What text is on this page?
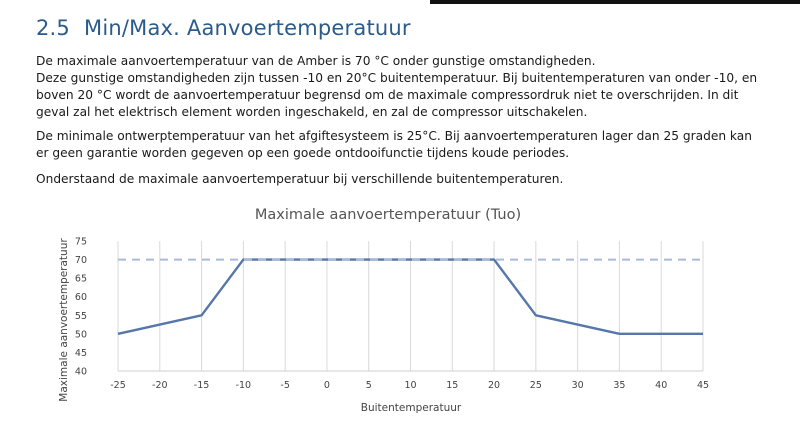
2.5 Min/Max. Aanvoertemperatuur

De maximale aanvoertemperatuur van de Amber is 70 °C onder gunstige omstandigheden.
Deze gunstige omstandigheden zijn tussen -10 en 20°C buitentemperatuur. Bij buitentemperaturen van onder -10, en boven 20 °C wordt de aanvoertemperatuur begrensd om de maximale compressordruk niet te overschrijden. In dit geval zal het elektrisch element worden ingeschakeld, en zal de compressor uitschakelen.

De minimale ontwerptemperatuur van het afgiftesysteem is 25°C. Bij aanvoertemperaturen lager dan 25 graden kan er geen garantie worden gegeven op een goede ontdooifunctie tijdens koude periodes.

Onderstaand de maximale aanvoertemperatuur bij verschillende buitentemperaturen.

Maximale aanvoertemperatuur (Tuo)
40
45
50
55
60
65
70
75
-25	-20	-15	-10	-5	0	5	10	15	20	25	30	35	40	45
Buitentemperatuur
Maximale aanvoertemperatuur
